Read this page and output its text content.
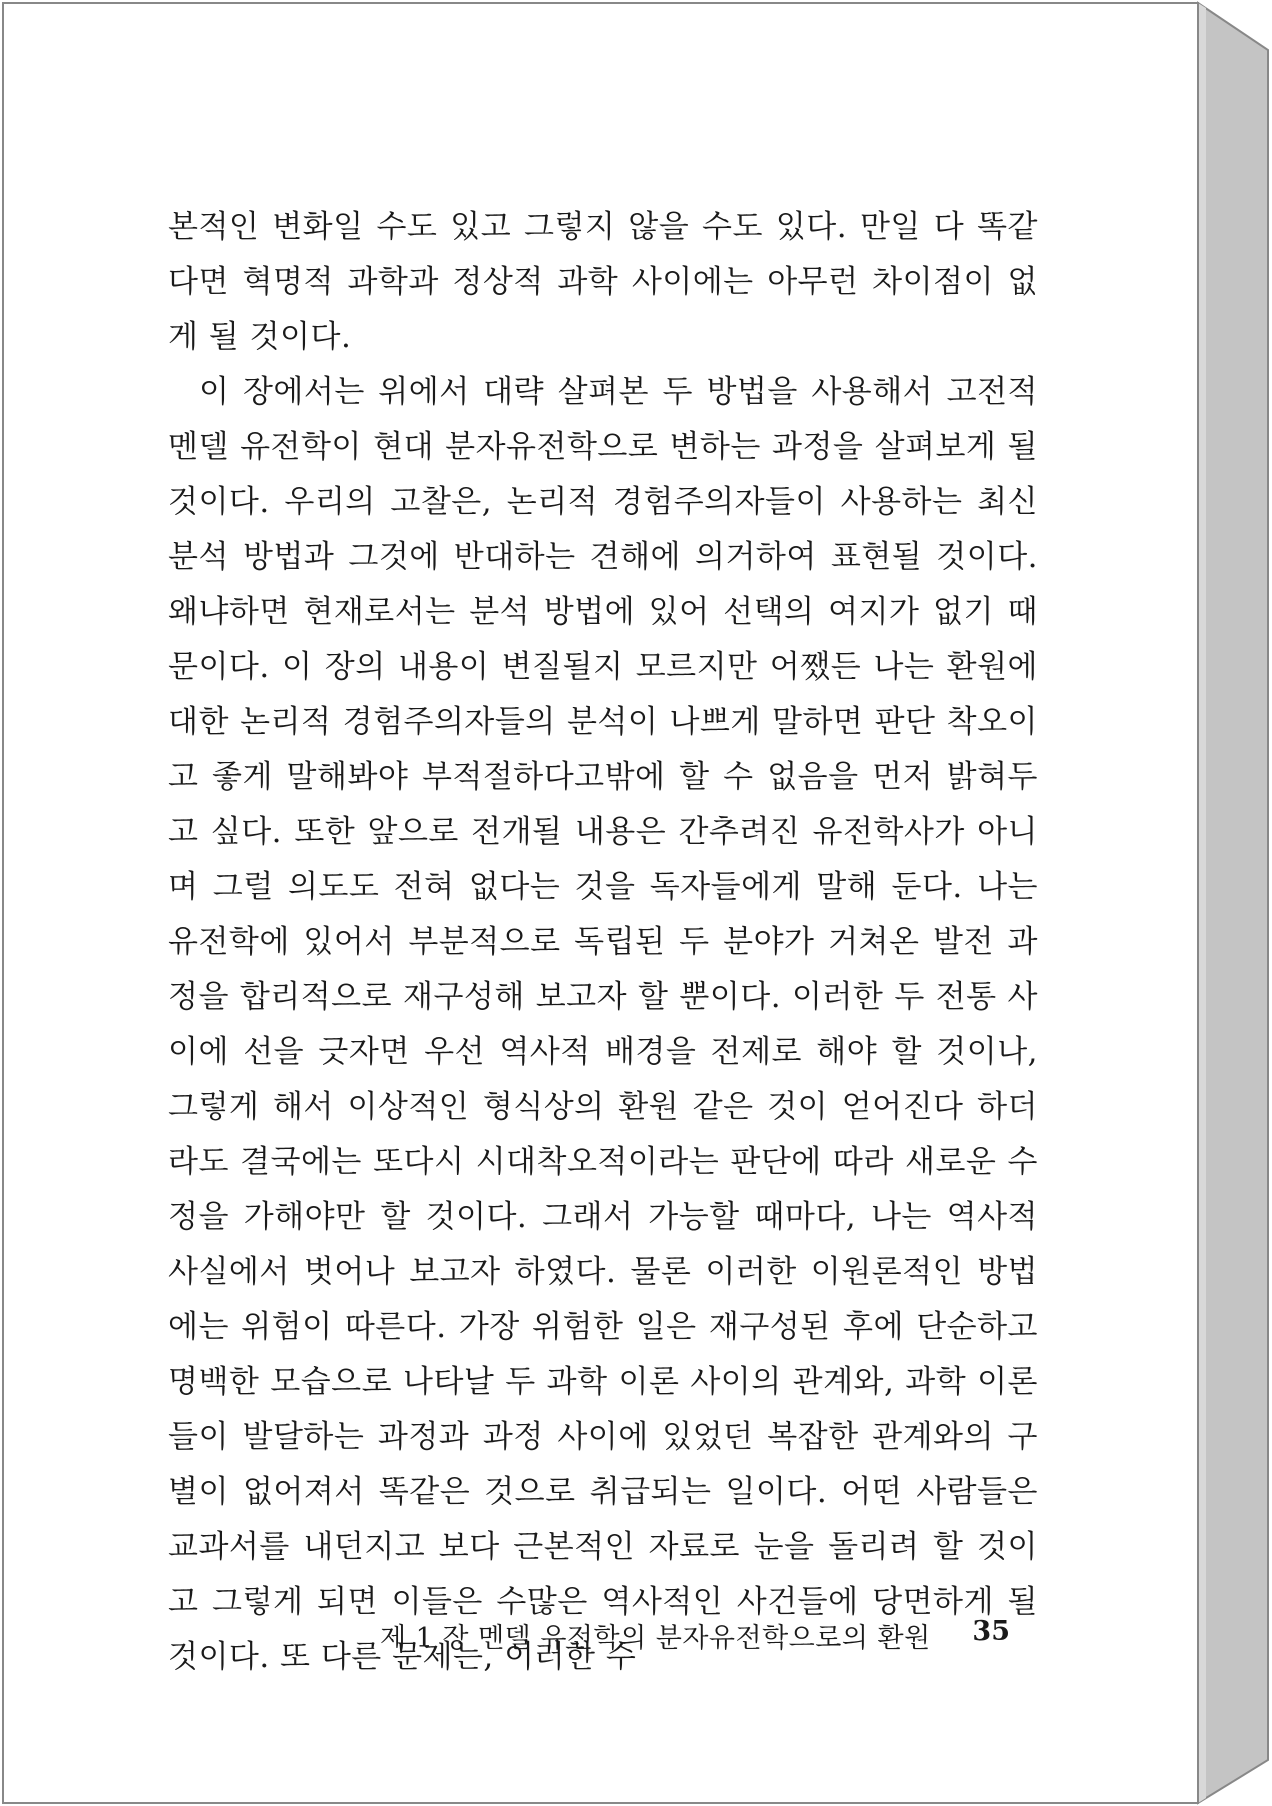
본적인 변화일 수도 있고 그렇지 않을 수도 있다. 만일 다 똑같다면 혁명적 과학과 정상적 과학 사이에는 아무런 차이점이 없게 될 것이다.

이 장에서는 위에서 대략 살펴본 두 방법을 사용해서 고전적 멘델 유전학이 현대 분자유전학으로 변하는 과정을 살펴보게 될 것이다. 우리의 고찰은, 논리적 경험주의자들이 사용하는 최신 분석 방법과 그것에 반대하는 견해에 의거하여 표현될 것이다. 왜냐하면 현재로서는 분석 방법에 있어 선택의 여지가 없기 때문이다. 이 장의 내용이 변질될지 모르지만 어쨌든 나는 환원에 대한 논리적 경험주의자들의 분석이 나쁘게 말하면 판단 착오이고 좋게 말해봐야 부적절하다고밖에 할 수 없음을 먼저 밝혀두고 싶다. 또한 앞으로 전개될 내용은 간추려진 유전학사가 아니며 그럴 의도도 전혀 없다는 것을 독자들에게 말해 둔다. 나는 유전학에 있어서 부분적으로 독립된 두 분야가 거쳐온 발전 과정을 합리적으로 재구성해 보고자 할 뿐이다. 이러한 두 전통 사이에 선을 긋자면 우선 역사적 배경을 전제로 해야 할 것이나, 그렇게 해서 이상적인 형식상의 환원 같은 것이 얻어진다 하더라도 결국에는 또다시 시대착오적이라는 판단에 따라 새로운 수정을 가해야만 할 것이다. 그래서 가능할 때마다, 나는 역사적 사실에서 벗어나 보고자 하였다. 물론 이러한 이원론적인 방법에는 위험이 따른다. 가장 위험한 일은 재구성된 후에 단순하고 명백한 모습으로 나타날 두 과학 이론 사이의 관계와, 과학 이론들이 발달하는 과정과 과정 사이에 있었던 복잡한 관계와의 구별이 없어져서 똑같은 것으로 취급되는 일이다. 어떤 사람들은 교과서를 내던지고 보다 근본적인 자료로 눈을 돌리려 할 것이고 그렇게 되면 이들은 수많은 역사적인 사건들에 당면하게 될 것이다. 또 다른 문제는, 이러한 수

제 1 장 멘델 유전학의 분자유전학으로의 환원 35
